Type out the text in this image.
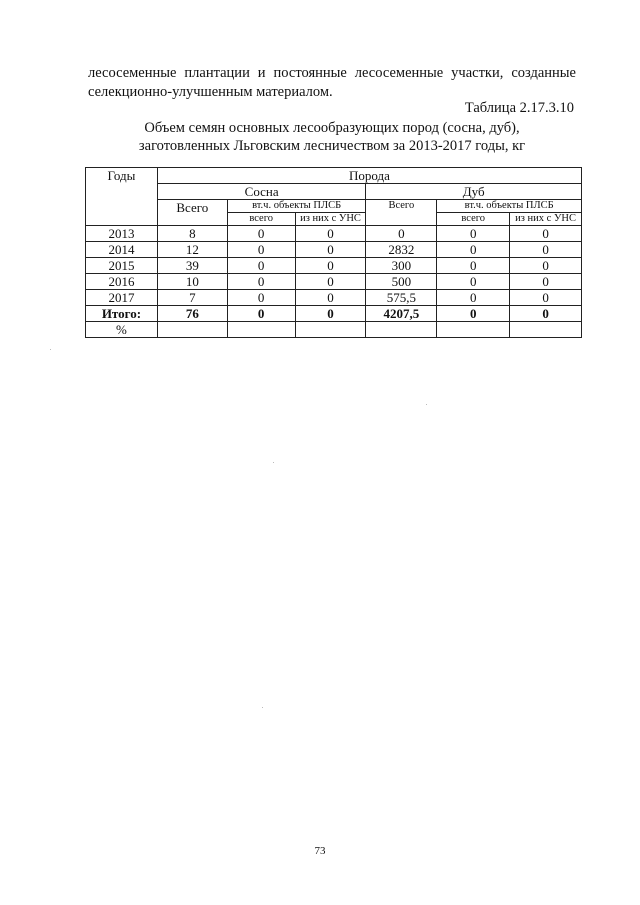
лесосеменные плантации и постоянные лесосеменные участки, созданные
селекционно-улучшенным материалом.
Таблица 2.17.3.10
Объем семян основных лесообразующих пород (сосна, дуб),
заготовленных Льговским лесничеством за 2013-2017 годы, кг
Годы	Порода					
	Сосна			Дуб		
	Всего	вт.ч. объекты ПЛСБ		Всего	вт.ч. объекты ПЛСБ	
		всего	из них с УНС		всего	из них с УНС
2013	8	0	0	0	0	0
2014	12	0	0	2832	0	0
2015	39	0	0	300	0	0
2016	10	0	0	500	0	0
2017	7	0	0	575,5	0	0
Итого:	76	0	0	4207,5	0	0
%						
73
